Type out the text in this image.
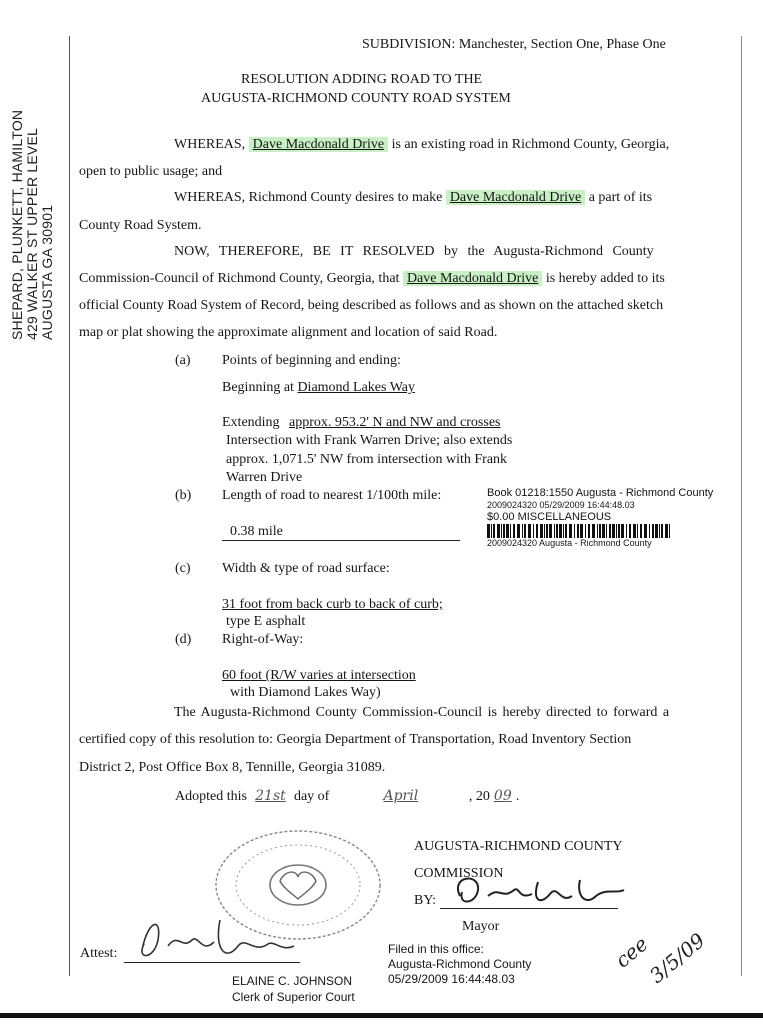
SHEPARD, PLUNKETT, HAMILTON 429 WALKER ST UPPER LEVEL AUGUSTA GA 30901
SUBDIVISION: Manchester, Section One, Phase One
RESOLUTION ADDING ROAD TO THE
AUGUSTA-RICHMOND COUNTY ROAD SYSTEM
WHEREAS, Dave Macdonald Drive is an existing road in Richmond County, Georgia,
open to public usage; and
WHEREAS, Richmond County desires to make Dave Macdonald Drive a part of its
County Road System.
NOW, THEREFORE, BE IT RESOLVED by the Augusta-Richmond County
Commission-Council of Richmond County, Georgia, that Dave Macdonald Drive is hereby added to its
official County Road System of Record, being described as follows and as shown on the attached sketch
map or plat showing the approximate alignment and location of said Road.
(a) Points of beginning and ending:
Beginning at Diamond Lakes Way
Extending approx. 953.2' N and NW and crosses
Intersection with Frank Warren Drive; also extends
approx. 1,071.5' NW from intersection with Frank
Warren Drive
(b) Length of road to nearest 1/100th mile:
0.38 mile
Book 01218:1550 Augusta - Richmond County
2009024320 05/29/2009 16:44:48.03
$0.00 MISCELLANEOUS
2009024320 Augusta - Richmond County
(c) Width & type of road surface:
31 foot from back curb to back of curb;
type E asphalt
(d) Right-of-Way:
60 foot (R/W varies at intersection
with Diamond Lakes Way)
The Augusta-Richmond County Commission-Council is hereby directed to forward a
certified copy of this resolution to: Georgia Department of Transportation, Road Inventory Section
District 2, Post Office Box 8, Tennille, Georgia 31089.
Adopted this 21st day of	April	, 20 09 .
AUGUSTA-RICHMOND COUNTY
COMMISSION
BY:
Mayor
Attest:
ELAINE C. JOHNSON
Clerk of Superior Court
Filed in this office:
Augusta-Richmond County
05/29/2009 16:44:48.03
cee
3/5/09
